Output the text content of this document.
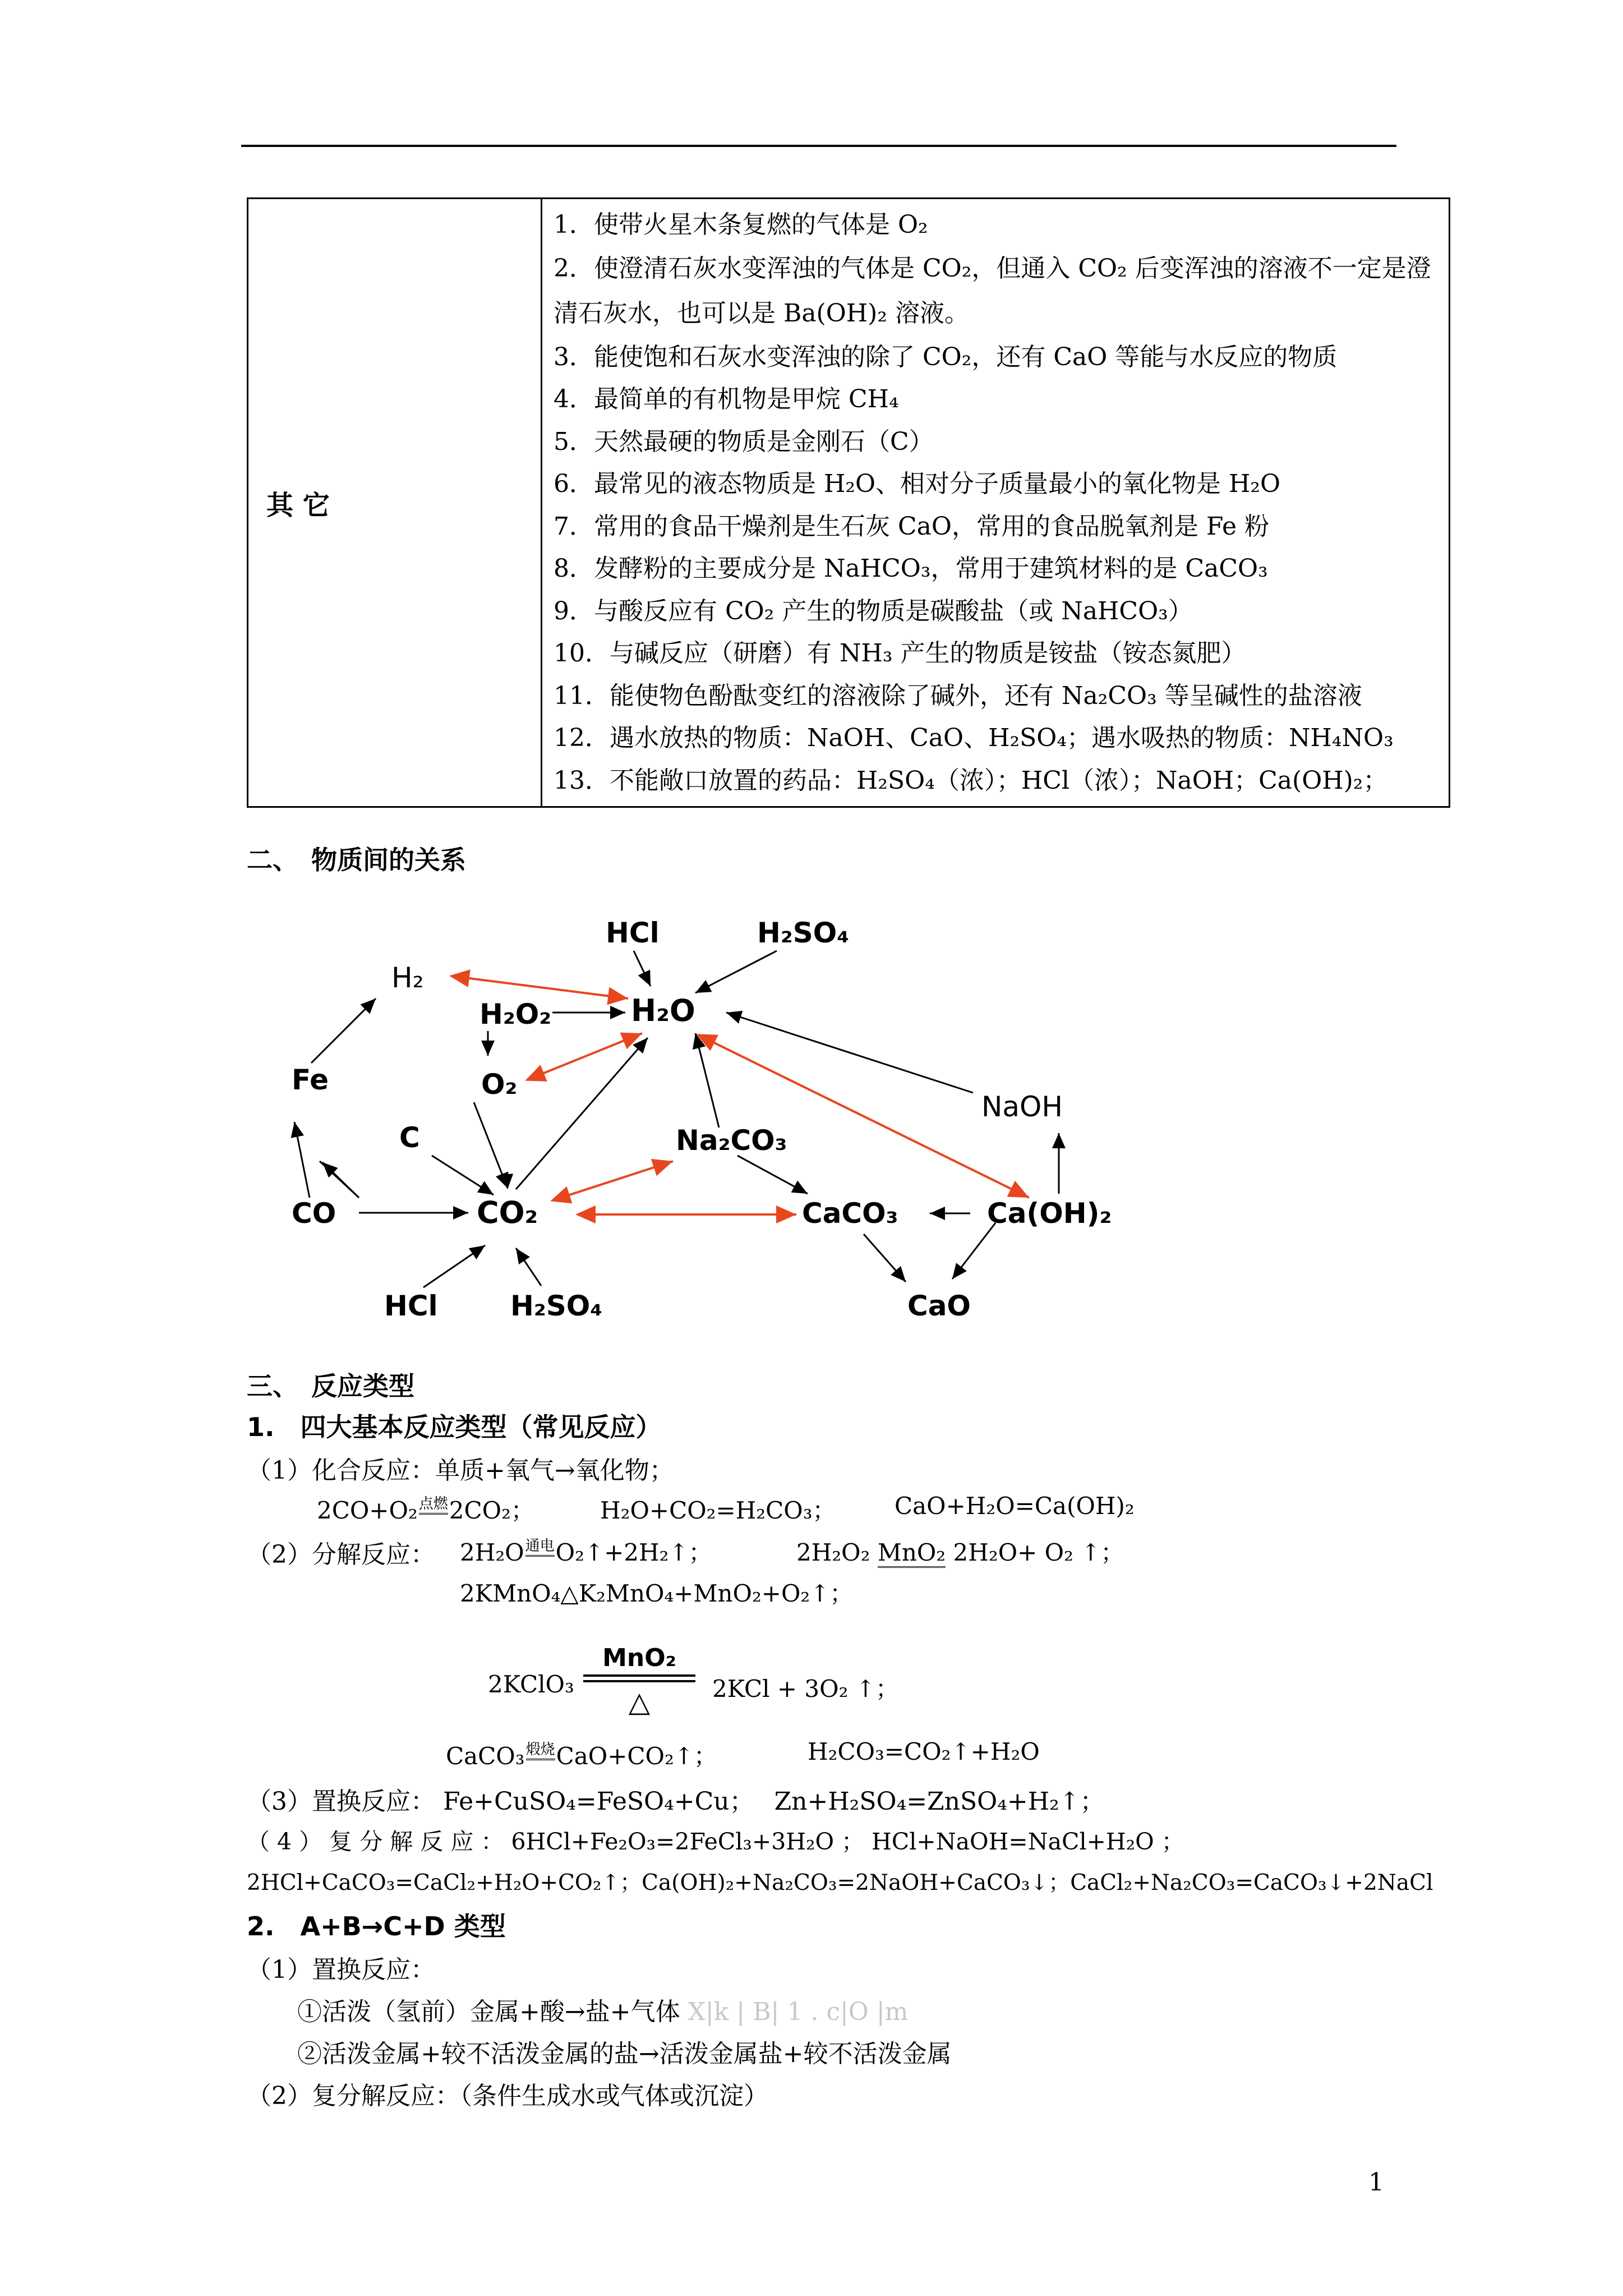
其 它	
1．使带火星木条复燃的气体是 O₂
2．使澄清石灰水变浑浊的气体是 CO₂，但通入 CO₂ 后变浑浊的溶液不一定是澄清石灰水，也可以是 Ba(OH)₂ 溶液。
3．能使饱和石灰水变浑浊的除了 CO₂，还有 CaO 等能与水反应的物质
4．最简单的有机物是甲烷 CH₄
5．天然最硬的物质是金刚石（C）
6．最常见的液态物质是 H₂O、相对分子质量最小的氧化物是 H₂O
7．常用的食品干燥剂是生石灰 CaO，常用的食品脱氧剂是 Fe 粉
8．发酵粉的主要成分是 NaHCO₃，常用于建筑材料的是 CaCO₃
9．与酸反应有 CO₂ 产生的物质是碳酸盐（或 NaHCO₃）
10．与碱反应（研磨）有 NH₃ 产生的物质是铵盐（铵态氮肥）
11．能使物色酚酞变红的溶液除了碱外，还有 Na₂CO₃ 等呈碱性的盐溶液
12．遇水放热的物质：NaOH、CaO、H₂SO₄；遇水吸热的物质：NH₄NO₃
13．不能敞口放置的药品：H₂SO₄（浓）；HCl（浓）；NaOH；Ca(OH)₂；
二、　物质间的关系
HCl	H₂SO₄
H₂
H₂O₂	H₂O
Fe	O₂
NaOH
C	Na₂CO₃
CO	CO₂	CaCO₃	Ca(OH)₂
HCl	H₂SO₄	CaO
三、　反应类型
1.　四大基本反应类型（常见反应）
（1）化合反应：单质+氧气→氧化物；
2CO+O₂点燃2CO₂；	H₂O+CO₂=H₂CO₃； CaO+H₂O=Ca(OH)₂
（2）分解反应： 2H₂O通电O₂↑+2H₂↑；	2H₂O₂ MnO₂ 2H₂O+ O₂ ↑；
2KMnO₄△K₂MnO₄+MnO₂+O₂↑；
2KClO₃
MnO₂
△	2KCl + 3O₂ ↑；
CaCO₃煅烧CaO+CO₂↑；	H₂CO₃=CO₂↑+H₂O
（3）置换反应： Fe+CuSO₄=FeSO₄+Cu；　 Zn+H₂SO₄=ZnSO₄+H₂↑；
（ 4 ） 复 分 解 反 应 ： 6HCl+Fe₂O₃=2FeCl₃+3H₂O ； HCl+NaOH=NaCl+H₂O ；
2HCl+CaCO₃=CaCl₂+H₂O+CO₂↑；Ca(OH)₂+Na₂CO₃=2NaOH+CaCO₃↓；CaCl₂+Na₂CO₃=CaCO₃↓+2NaCl
2.　A+B→C+D 类型
（1）置换反应：
①活泼（氢前）金属+酸→盐+气体 X|k | B| 1 . c|O |m
②活泼金属+较不活泼金属的盐→活泼金属盐+较不活泼金属
（2）复分解反应：（条件生成水或气体或沉淀）
1
